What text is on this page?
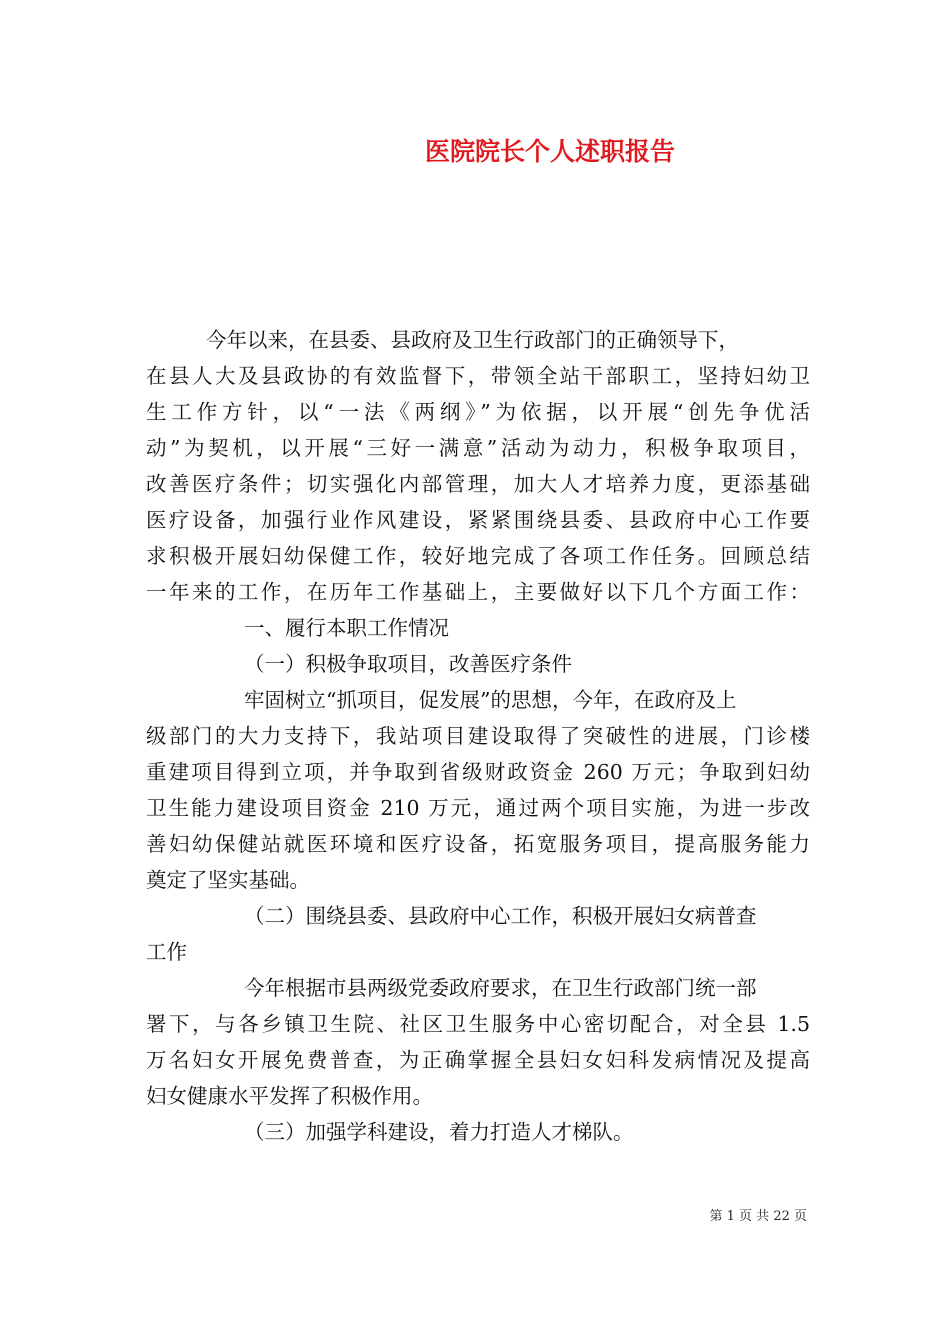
医院院长个人述职报告
今年以来，在县委、县政府及卫生行政部门的正确领导下，
在县人大及县政协的有效监督下，带领全站干部职工，坚持妇幼卫
生工作方针，以“一法《两纲》”为依据，以开展“创先争优活
动”为契机，以开展“三好一满意”活动为动力，积极争取项目，
改善医疗条件；切实强化内部管理，加大人才培养力度，更添基础
医疗设备，加强行业作风建设，紧紧围绕县委、县政府中心工作要
求积极开展妇幼保健工作，较好地完成了各项工作任务。回顾总结
一年来的工作，在历年工作基础上，主要做好以下几个方面工作：
一、履行本职工作情况
（一）积极争取项目，改善医疗条件
牢固树立“抓项目，促发展”的思想，今年，在政府及上
级部门的大力支持下，我站项目建设取得了突破性的进展，门诊楼
重建项目得到立项，并争取到省级财政资金 260 万元；争取到妇幼
卫生能力建设项目资金 210 万元，通过两个项目实施，为进一步改
善妇幼保健站就医环境和医疗设备，拓宽服务项目，提高服务能力
奠定了坚实基础。
（二）围绕县委、县政府中心工作，积极开展妇女病普查
工作
今年根据市县两级党委政府要求，在卫生行政部门统一部
署下，与各乡镇卫生院、社区卫生服务中心密切配合，对全县 1.5
万名妇女开展免费普查，为正确掌握全县妇女妇科发病情况及提高
妇女健康水平发挥了积极作用。
（三）加强学科建设，着力打造人才梯队。
第 1 页 共 22 页
